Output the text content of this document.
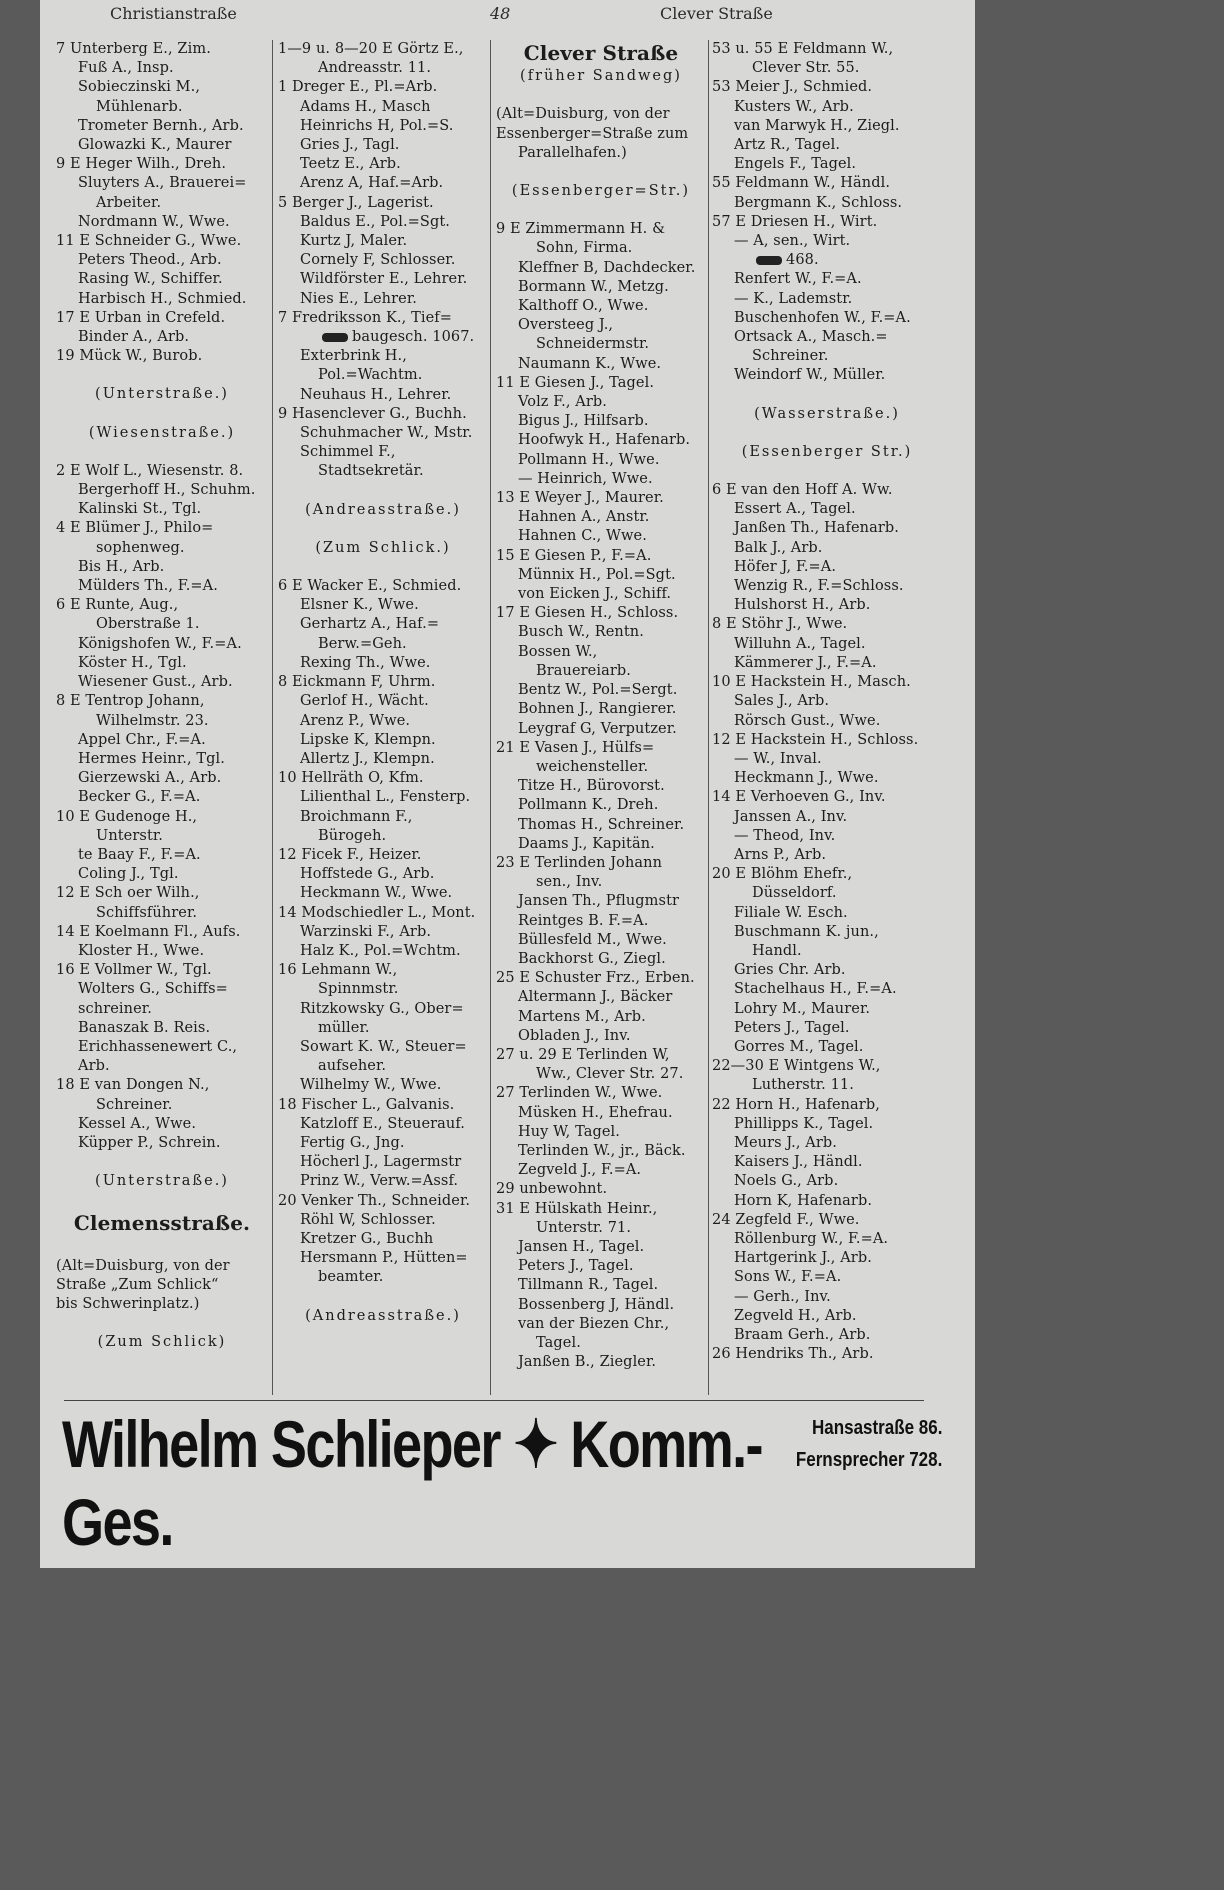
Christianstraße	48	Clever Straße
7 Unterberg E., Zim.
Fuß A., Insp.
Sobieczinski M.,
Mühlenarb.
Trometer Bernh., Arb.
Glowazki K., Maurer
9 E Heger Wilh., Dreh.
Sluyters A., Brauerei=
Arbeiter.
Nordmann W., Wwe.
11 E Schneider G., Wwe.
Peters Theod., Arb.
Rasing W., Schiffer.
Harbisch H., Schmied.
17 E Urban in Crefeld.
Binder A., Arb.
19 Mück W., Burob.
(Unterstraße.)
(Wiesenstraße.)
2 E Wolf L., Wiesenstr. 8.
Bergerhoff H., Schuhm.
Kalinski St., Tgl.
4 E Blümer J., Philo=
sophenweg.
Bis H., Arb.
Mülders Th., F.=A.
6 E Runte, Aug.,
Oberstraße 1.
Königshofen W., F.=A.
Köster H., Tgl.
Wiesener Gust., Arb.
8 E Tentrop Johann,
Wilhelmstr. 23.
Appel Chr., F.=A.
Hermes Heinr., Tgl.
Gierzewski A., Arb.
Becker G., F.=A.
10 E Gudenoge H.,
Unterstr.
te Baay F., F.=A.
Coling J., Tgl.
12 E Sch oer Wilh.,
Schiffsführer.
14 E Koelmann Fl., Aufs.
Kloster H., Wwe.
16 E Vollmer W., Tgl.
Wolters G., Schiffs=
schreiner.
Banaszak B. Reis.
Erichhassenewert C.,
Arb.
18 E van Dongen N.,
Schreiner.
Kessel A., Wwe.
Küpper P., Schrein.
(Unterstraße.)
Clemensstraße.
(Alt=Duisburg, von der
Straße „Zum Schlick“
bis Schwerinplatz.)
(Zum Schlick)
1—9 u. 8—20 E Görtz E.,
Andreasstr. 11.
1 Dreger E., Pl.=Arb.
Adams H., Masch
Heinrichs H, Pol.=S.
Gries J., Tagl.
Teetz E., Arb.
Arenz A, Haf.=Arb.
5 Berger J., Lagerist.
Baldus E., Pol.=Sgt.
Kurtz J, Maler.
Cornely F, Schlosser.
Wildförster E., Lehrer.
Nies E., Lehrer.
7 Fredriksson K., Tief=
baugesch. 1067.
Exterbrink H.,
Pol.=Wachtm.
Neuhaus H., Lehrer.
9 Hasenclever G., Buchh.
Schuhmacher W., Mstr.
Schimmel F.,
Stadtsekretär.
(Andreasstraße.)
(Zum Schlick.)
6 E Wacker E., Schmied.
Elsner K., Wwe.
Gerhartz A., Haf.=
Berw.=Geh.
Rexing Th., Wwe.
8 Eickmann F, Uhrm.
Gerlof H., Wächt.
Arenz P., Wwe.
Lipske K, Klempn.
Allertz J., Klempn.
10 Hellräth O, Kfm.
Lilienthal L., Fensterp.
Broichmann F.,
Bürogeh.
12 Ficek F., Heizer.
Hoffstede G., Arb.
Heckmann W., Wwe.
14 Modschiedler L., Mont.
Warzinski F., Arb.
Halz K., Pol.=Wchtm.
16 Lehmann W.,
Spinnmstr.
Ritzkowsky G., Ober=
müller.
Sowart K. W., Steuer=
aufseher.
Wilhelmy W., Wwe.
18 Fischer L., Galvanis.
Katzloff E., Steuerauf.
Fertig G., Jng.
Höcherl J., Lagermstr
Prinz W., Verw.=Assf.
20 Venker Th., Schneider.
Röhl W, Schlosser.
Kretzer G., Buchh
Hersmann P., Hütten=
beamter.
(Andreasstraße.)
Clever Straße
(früher Sandweg)
(Alt=Duisburg, von der
Essenberger=Straße zum
Parallelhafen.)
(Essenberger=Str.)
9 E Zimmermann H. &
Sohn, Firma.
Kleffner B, Dachdecker.
Bormann W., Metzg.
Kalthoff O., Wwe.
Oversteeg J.,
Schneidermstr.
Naumann K., Wwe.
11 E Giesen J., Tagel.
Volz F., Arb.
Bigus J., Hilfsarb.
Hoofwyk H., Hafenarb.
Pollmann H., Wwe.
— Heinrich, Wwe.
13 E Weyer J., Maurer.
Hahnen A., Anstr.
Hahnen C., Wwe.
15 E Giesen P., F.=A.
Münnix H., Pol.=Sgt.
von Eicken J., Schiff.
17 E Giesen H., Schloss.
Busch W., Rentn.
Bossen W.,
Brauereiarb.
Bentz W., Pol.=Sergt.
Bohnen J., Rangierer.
Leygraf G, Verputzer.
21 E Vasen J., Hülfs=
weichensteller.
Titze H., Bürovorst.
Pollmann K., Dreh.
Thomas H., Schreiner.
Daams J., Kapitän.
23 E Terlinden Johann
sen., Inv.
Jansen Th., Pflugmstr
Reintges B. F.=A.
Büllesfeld M., Wwe.
Backhorst G., Ziegl.
25 E Schuster Frz., Erben.
Altermann J., Bäcker
Martens M., Arb.
Obladen J., Inv.
27 u. 29 E Terlinden W,
Ww., Clever Str. 27.
27 Terlinden W., Wwe.
Müsken H., Ehefrau.
Huy W, Tagel.
Terlinden W., jr., Bäck.
Zegveld J., F.=A.
29 unbewohnt.
31 E Hülskath Heinr.,
Unterstr. 71.
Jansen H., Tagel.
Peters J., Tagel.
Tillmann R., Tagel.
Bossenberg J, Händl.
van der Biezen Chr.,
Tagel.
Janßen B., Ziegler.
53 u. 55 E Feldmann W.,
Clever Str. 55.
53 Meier J., Schmied.
Kusters W., Arb.
van Marwyk H., Ziegl.
Artz R., Tagel.
Engels F., Tagel.
55 Feldmann W., Händl.
Bergmann K., Schloss.
57 E Driesen H., Wirt.
— A, sen., Wirt.
468.
Renfert W., F.=A.
— K., Lademstr.
Buschenhofen W., F.=A.
Ortsack A., Masch.=
Schreiner.
Weindorf W., Müller.
(Wasserstraße.)
(Essenberger Str.)
6 E van den Hoff A. Ww.
Essert A., Tagel.
Janßen Th., Hafenarb.
Balk J., Arb.
Höfer J, F.=A.
Wenzig R., F.=Schloss.
Hulshorst H., Arb.
8 E Stöhr J., Wwe.
Willuhn A., Tagel.
Kämmerer J., F.=A.
10 E Hackstein H., Masch.
Sales J., Arb.
Rörsch Gust., Wwe.
12 E Hackstein H., Schloss.
— W., Inval.
Heckmann J., Wwe.
14 E Verhoeven G., Inv.
Janssen A., Inv.
— Theod, Inv.
Arns P., Arb.
20 E Blöhm Ehefr.,
Düsseldorf.
Filiale W. Esch.
Buschmann K. jun.,
Handl.
Gries Chr. Arb.
Stachelhaus H., F.=A.
Lohry M., Maurer.
Peters J., Tagel.
Gorres M., Tagel.
22—30 E Wintgens W.,
Lutherstr. 11.
22 Horn H., Hafenarb,
Phillipps K., Tagel.
Meurs J., Arb.
Kaisers J., Händl.
Noels G., Arb.
Horn K, Hafenarb.
24 Zegfeld F., Wwe.
Röllenburg W., F.=A.
Hartgerink J., Arb.
Sons W., F.=A.
— Gerh., Inv.
Zegveld H., Arb.
Braam Gerh., Arb.
26 Hendriks Th., Arb.
Wilhelm Schlieper ✦ Komm.-Ges.
Hansastraße 86.
Fernsprecher 728.
